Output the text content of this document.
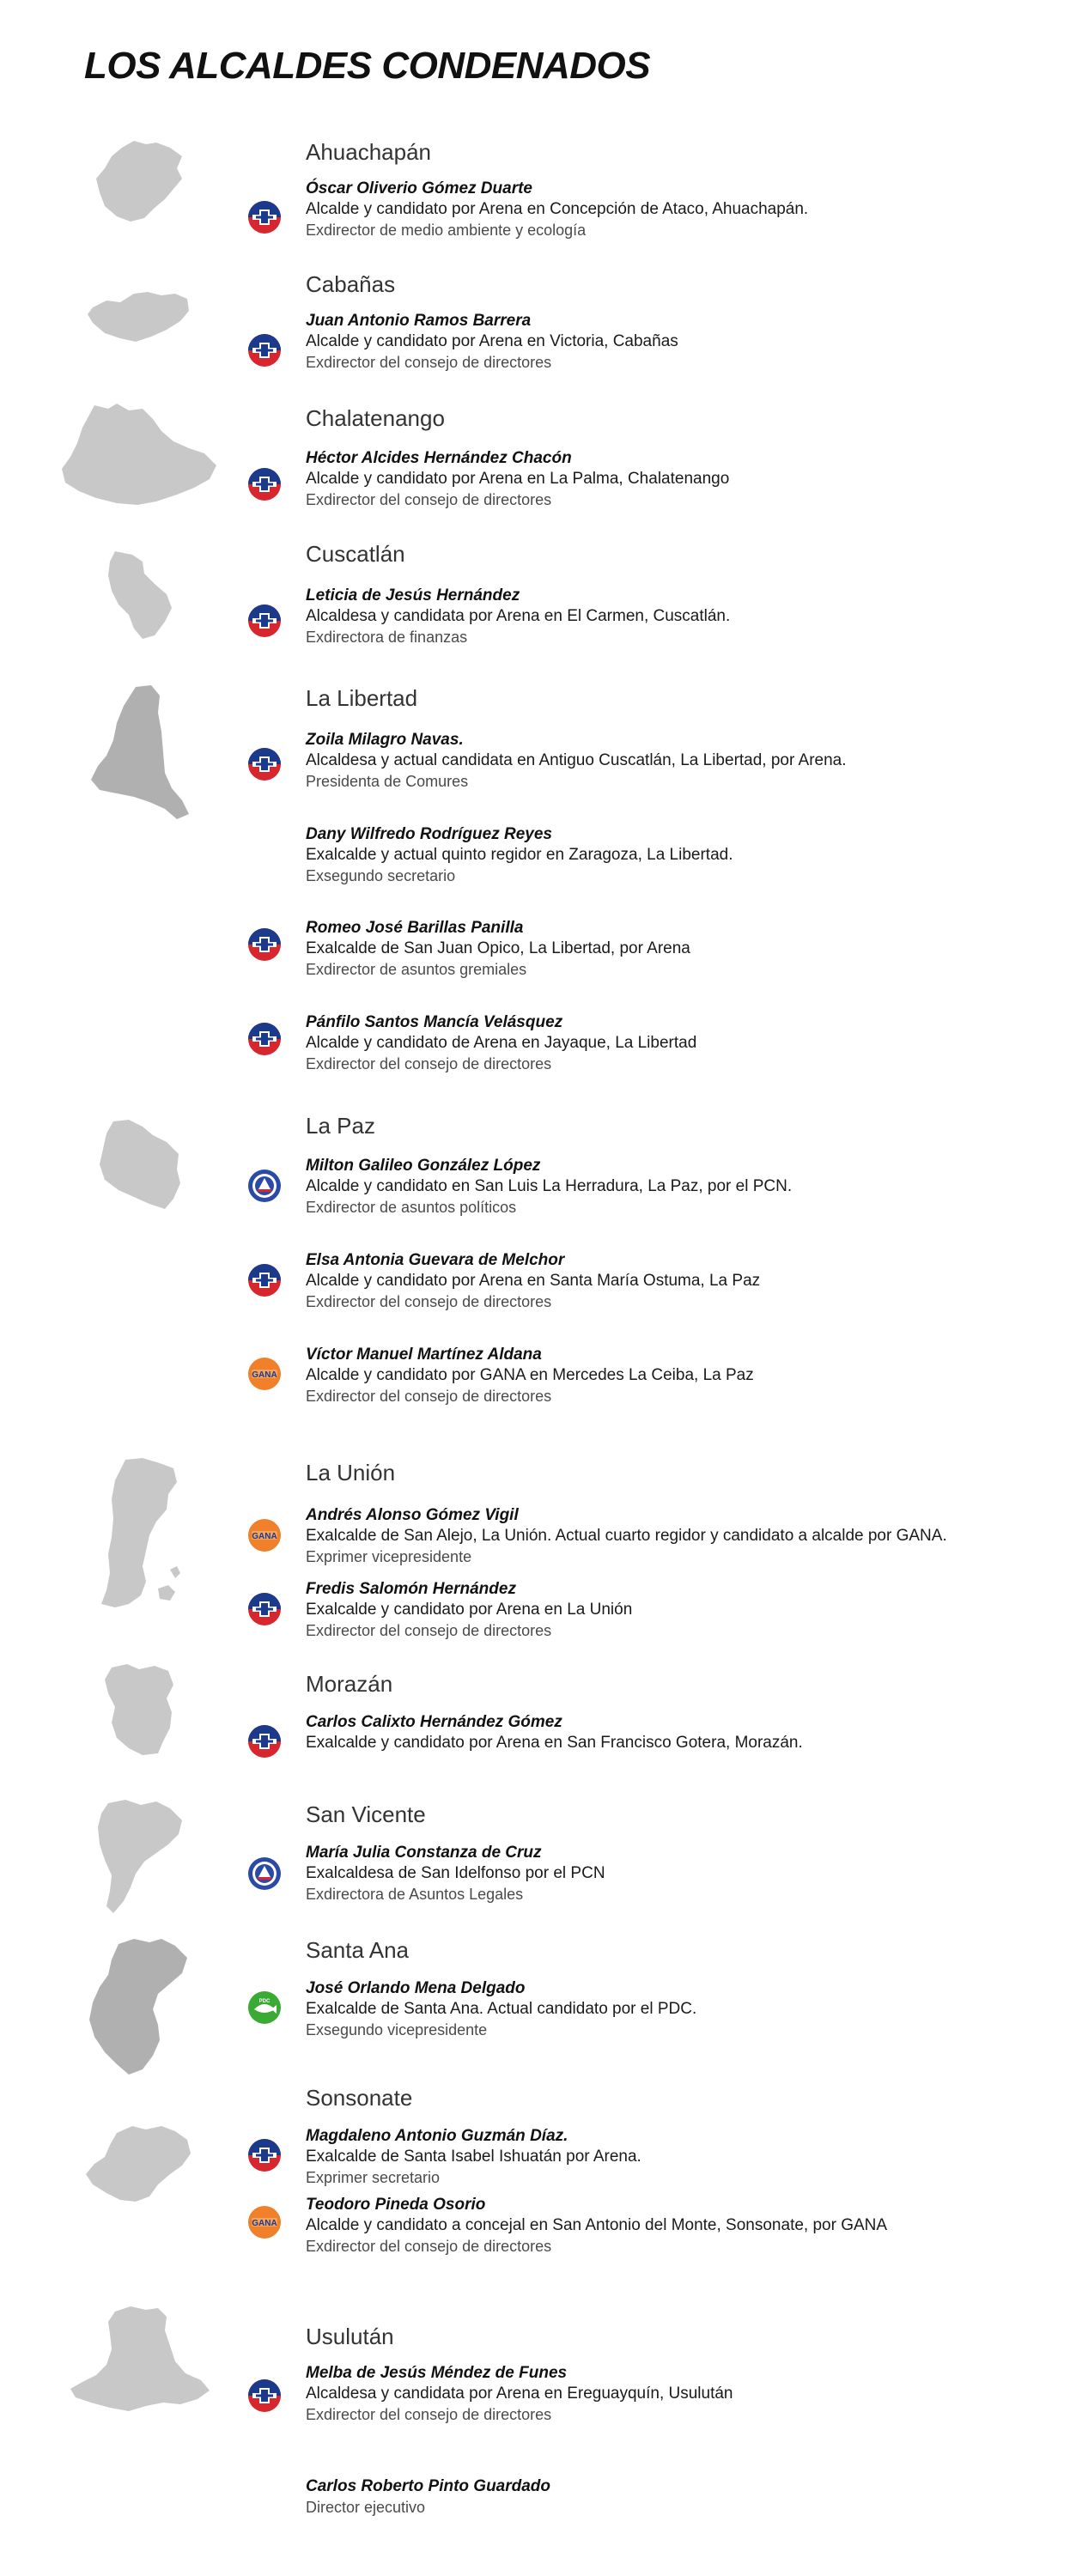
LOS ALCALDES CONDENADOS
Ahuachapán
Cabañas
Chalatenango
Cuscatlán
La Libertad
La Paz
La Unión
Morazán
San Vicente
Santa Ana
Sonsonate
Usulután
Óscar Oliverio Gómez Duarte
Alcalde y candidato por Arena en Concepción de Ataco, Ahuachapán.
Exdirector de medio ambiente y ecología
Juan Antonio Ramos Barrera
Alcalde y candidato por Arena en Victoria, Cabañas
Exdirector del consejo de directores
Héctor Alcides Hernández Chacón
Alcalde y candidato por Arena en La Palma, Chalatenango
Exdirector del consejo de directores
Leticia de Jesús Hernández
Alcaldesa y candidata por Arena en El Carmen, Cuscatlán.
Exdirectora de finanzas
Zoila Milagro Navas.
Alcaldesa y actual candidata en Antiguo Cuscatlán, La Libertad, por Arena.
Presidenta de Comures
Dany Wilfredo Rodríguez Reyes
Exalcalde y actual quinto regidor en Zaragoza, La Libertad.
Exsegundo secretario
Romeo José Barillas Panilla
Exalcalde de San Juan Opico, La Libertad, por Arena
Exdirector de asuntos gremiales
Pánfilo Santos Mancía Velásquez
Alcalde y candidato de Arena en Jayaque, La Libertad
Exdirector del consejo de directores
Milton Galileo González López
Alcalde y candidato en San Luis La Herradura, La Paz, por el PCN.
Exdirector de asuntos políticos
Elsa Antonia Guevara de Melchor
Alcalde y candidato por Arena en Santa María Ostuma, La Paz
Exdirector del consejo de directores
GANA
Víctor Manuel Martínez Aldana
Alcalde y candidato por GANA en Mercedes La Ceiba, La Paz
Exdirector del consejo de directores
GANA
Andrés Alonso Gómez Vigil
Exalcalde de San Alejo, La Unión. Actual cuarto regidor y candidato a alcalde por GANA.
Exprimer vicepresidente
Fredis Salomón Hernández
Exalcalde y candidato por Arena en La Unión
Exdirector del consejo de directores
Carlos Calixto Hernández Gómez
Exalcalde y candidato por Arena en San Francisco Gotera, Morazán.
María Julia Constanza de Cruz
Exalcaldesa de San Idelfonso por el PCN
Exdirectora de Asuntos Legales
PDC
José Orlando Mena Delgado
Exalcalde de Santa Ana. Actual candidato por el PDC.
Exsegundo vicepresidente
Magdaleno Antonio Guzmán Díaz.
Exalcalde de Santa Isabel Ishuatán por Arena.
Exprimer secretario
GANA
Teodoro Pineda Osorio
Alcalde y candidato a concejal en San Antonio del Monte, Sonsonate, por GANA
Exdirector del consejo de directores
Melba de Jesús Méndez de Funes
Alcaldesa y candidata por Arena en Ereguayquín, Usulután
Exdirector del consejo de directores
Carlos Roberto Pinto Guardado
Director ejecutivo
